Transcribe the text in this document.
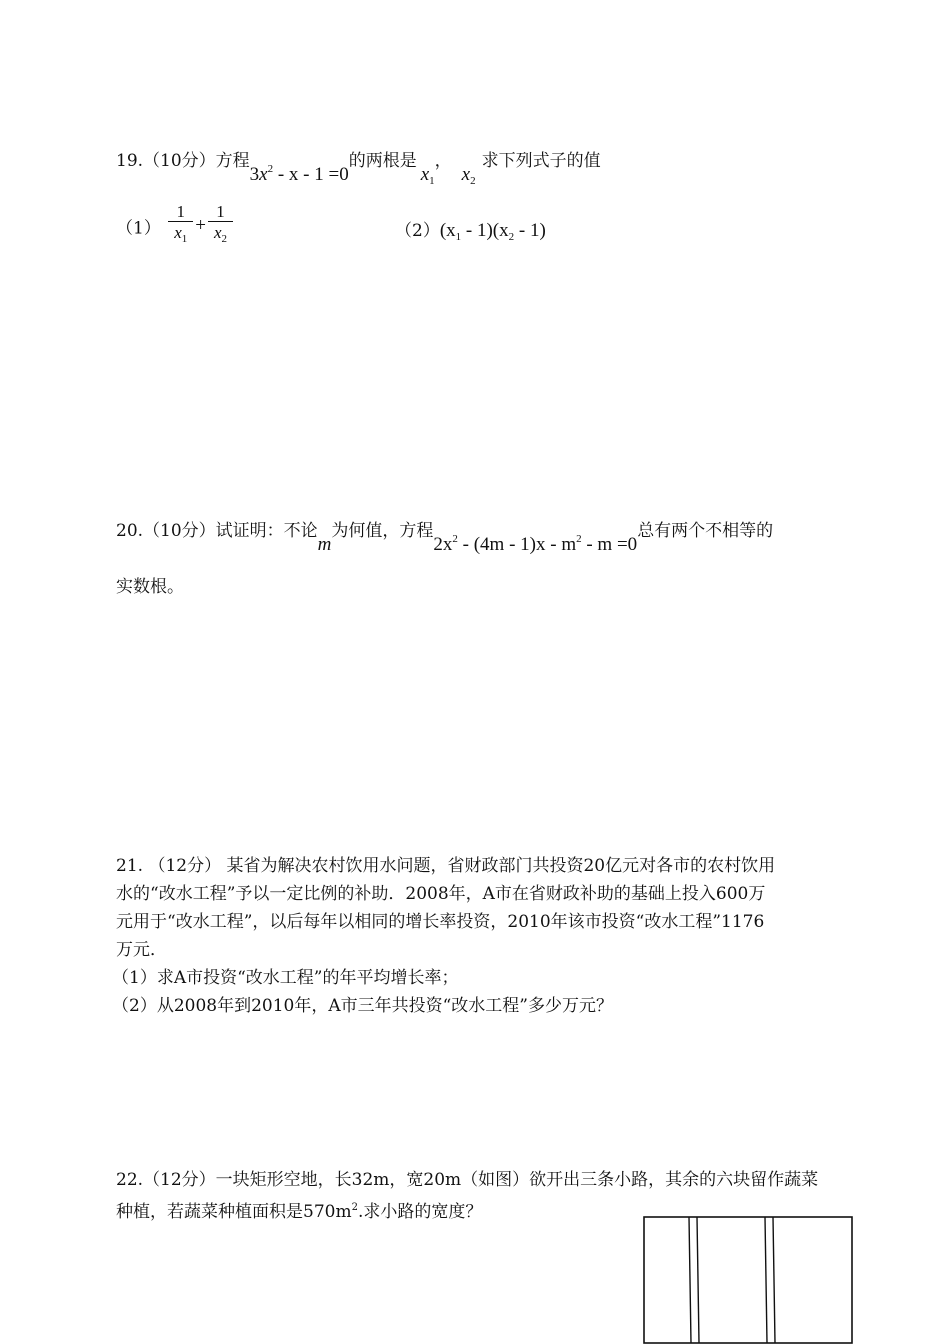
19.（10分）方程$3x^2 - x - 1 =0$的两根是$x_1$，$x_2$求下列式子的值
$(1) \frac{1}{x_1} + \frac{1}{x_2}$	$(2)(x_1 - 1)(x_2 - 1)$
20.（10分）试证明：不论m为何值，方程$2x^2 - (4m - 1)x - m^2 - m =0$总有两个不相等的
实数根。
21. （12分） 某省为解决农村饮用水问题，省财政部门共投资20亿元对各市的农村饮用
水的“改水工程”予以一定比例的补助．2008年，A市在省财政补助的基础上投入600万
元用于“改水工程”，以后每年以相同的增长率投资，2010年该市投资“改水工程”1176
万元．
（1）求A市投资“改水工程”的年平均增长率；
（2）从2008年到2010年，A市三年共投资“改水工程”多少万元？
22.（12分）一块矩形空地，长32m，宽20m（如图）欲开出三条小路，其余的六块留作蔬菜
种植，若蔬菜种植面积是$570m^2$.求小路的宽度？
